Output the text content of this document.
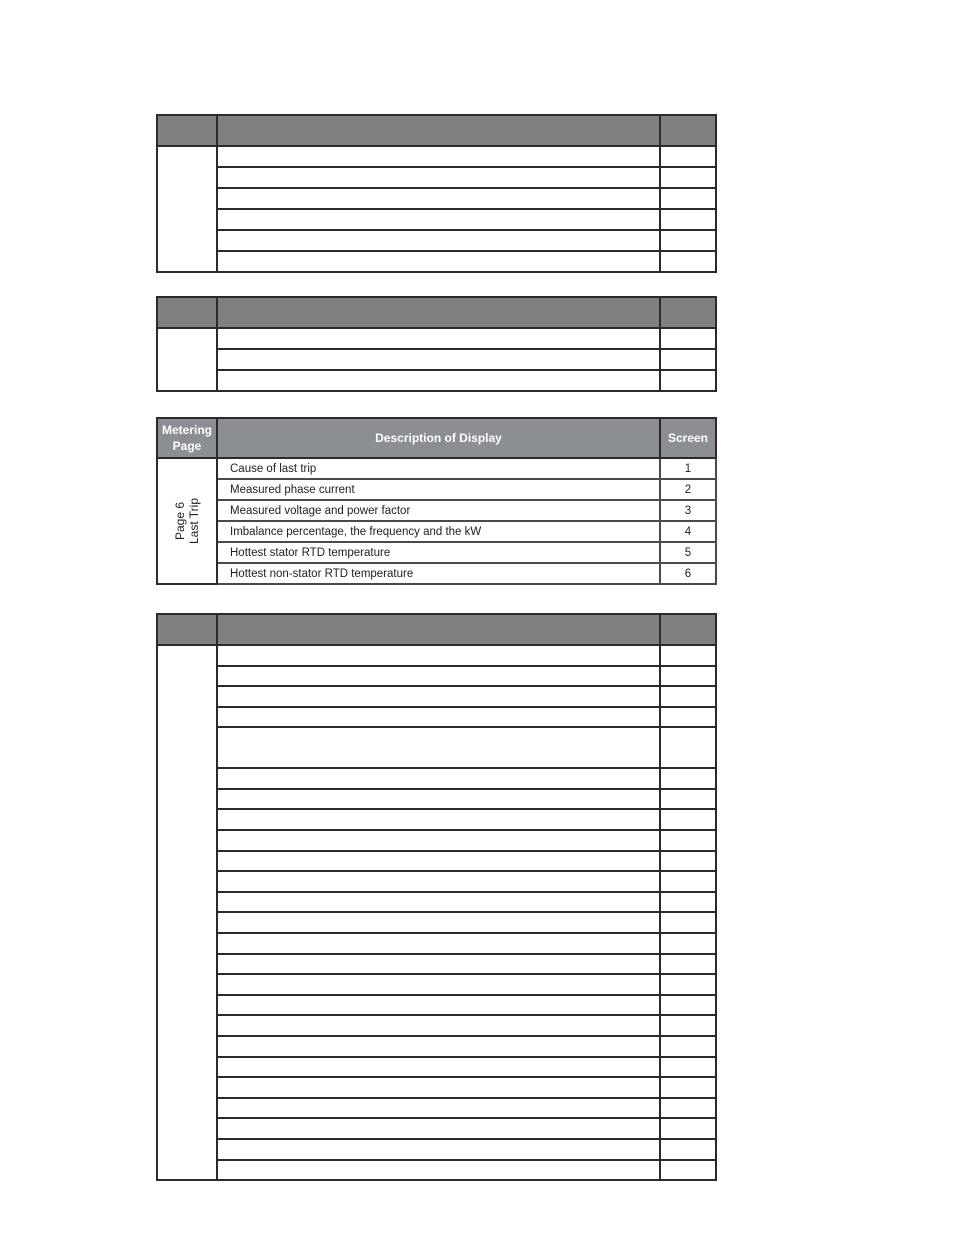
Metering Page	Description of Display	Screen

Page 6 Last Trip	Cause of last trip	1
	Measured phase current	2
	Measured voltage and power factor	3
	Imbalance percentage, the frequency and the kW	4
	Hottest stator RTD temperature	5
	Hottest non-stator RTD temperature	6
